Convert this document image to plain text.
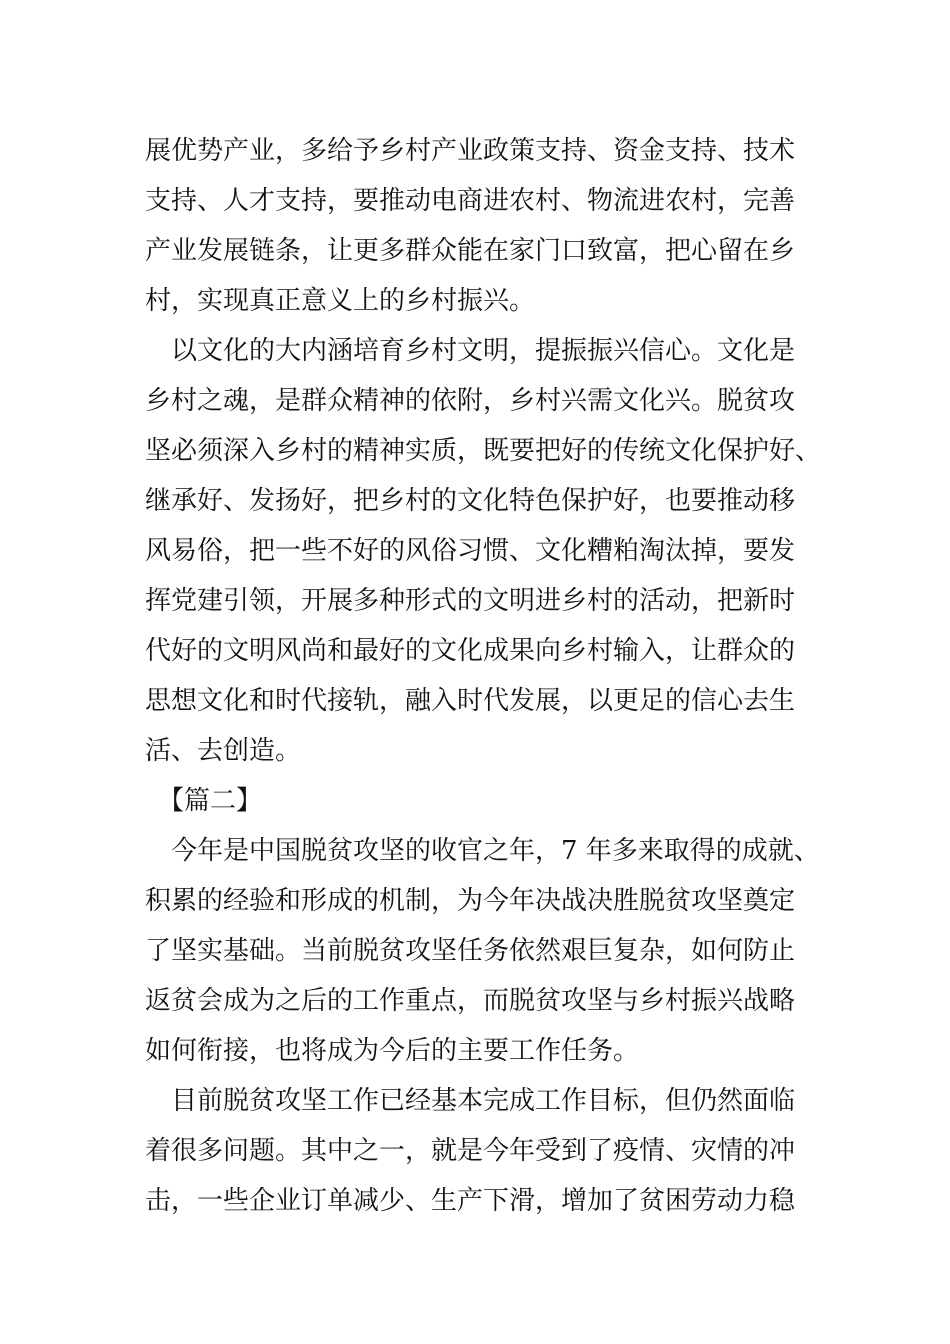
展优势产业，多给予乡村产业政策支持、资金支持、技术
支持、人才支持，要推动电商进农村、物流进农村，完善
产业发展链条，让更多群众能在家门口致富，把心留在乡
村，实现真正意义上的乡村振兴。
　以文化的大内涵培育乡村文明，提振振兴信心。文化是
乡村之魂，是群众精神的依附，乡村兴需文化兴。脱贫攻
坚必须深入乡村的精神实质，既要把好的传统文化保护好、
继承好、发扬好，把乡村的文化特色保护好，也要推动移
风易俗，把一些不好的风俗习惯、文化糟粕淘汰掉，要发
挥党建引领，开展多种形式的文明进乡村的活动，把新时
代好的文明风尚和最好的文化成果向乡村输入，让群众的
思想文化和时代接轨，融入时代发展，以更足的信心去生
活、去创造。
　【篇二】
　今年是中国脱贫攻坚的收官之年，7 年多来取得的成就、
积累的经验和形成的机制，为今年决战决胜脱贫攻坚奠定
了坚实基础。当前脱贫攻坚任务依然艰巨复杂，如何防止
返贫会成为之后的工作重点，而脱贫攻坚与乡村振兴战略
如何衔接，也将成为今后的主要工作任务。
　目前脱贫攻坚工作已经基本完成工作目标，但仍然面临
着很多问题。其中之一，就是今年受到了疫情、灾情的冲
击，一些企业订单减少、生产下滑，增加了贫困劳动力稳
